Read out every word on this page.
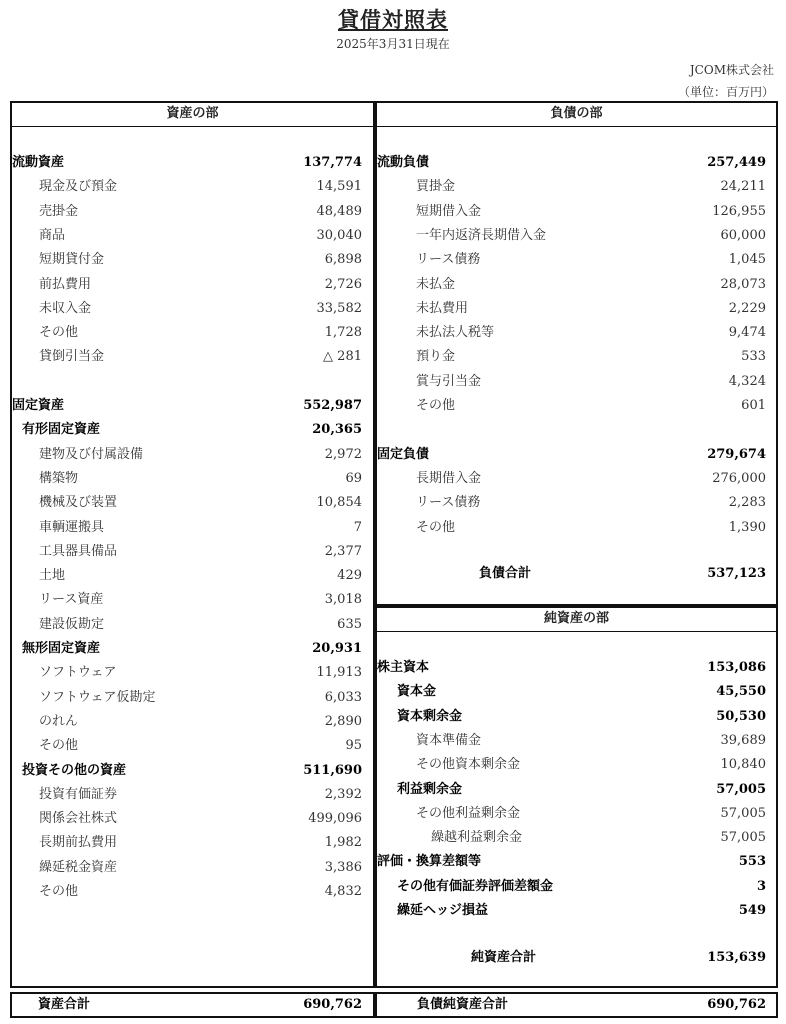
貸借対照表
2025年3月31日現在
JCOM株式会社
（単位：百万円）
資産の部
流動資産	137,774
現金及び預金	14,591
売掛金	48,489
商品	30,040
短期貸付金	6,898
前払費用	2,726
未収入金	33,582
その他	1,728
貸倒引当金	△ 281
固定資産	552,987
有形固定資産	20,365
建物及び付属設備	2,972
構築物	69
機械及び装置	10,854
車輌運搬具	7
工具器具備品	2,377
土地	429
リース資産	3,018
建設仮勘定	635
無形固定資産	20,931
ソフトウェア	11,913
ソフトウェア仮勘定	6,033
のれん	2,890
その他	95
投資その他の資産	511,690
投資有価証券	2,392
関係会社株式	499,096
長期前払費用	1,982
繰延税金資産	3,386
その他	4,832
負債の部
流動負債	257,449
買掛金	24,211
短期借入金	126,955
一年内返済長期借入金	60,000
リース債務	1,045
未払金	28,073
未払費用	2,229
未払法人税等	9,474
預り金	533
賞与引当金	4,324
その他	601
固定負債	279,674
長期借入金	276,000
リース債務	2,283
その他	1,390
負債合計	537,123
純資産の部
株主資本	153,086
資本金	45,550
資本剰余金	50,530
資本準備金	39,689
その他資本剰余金	10,840
利益剰余金	57,005
その他利益剰余金	57,005
繰越利益剰余金	57,005
評価・換算差額等	553
その他有価証券評価差額金	3
繰延ヘッジ損益	549
純資産合計	153,639
資産合計	690,762	負債純資産合計	690,762
